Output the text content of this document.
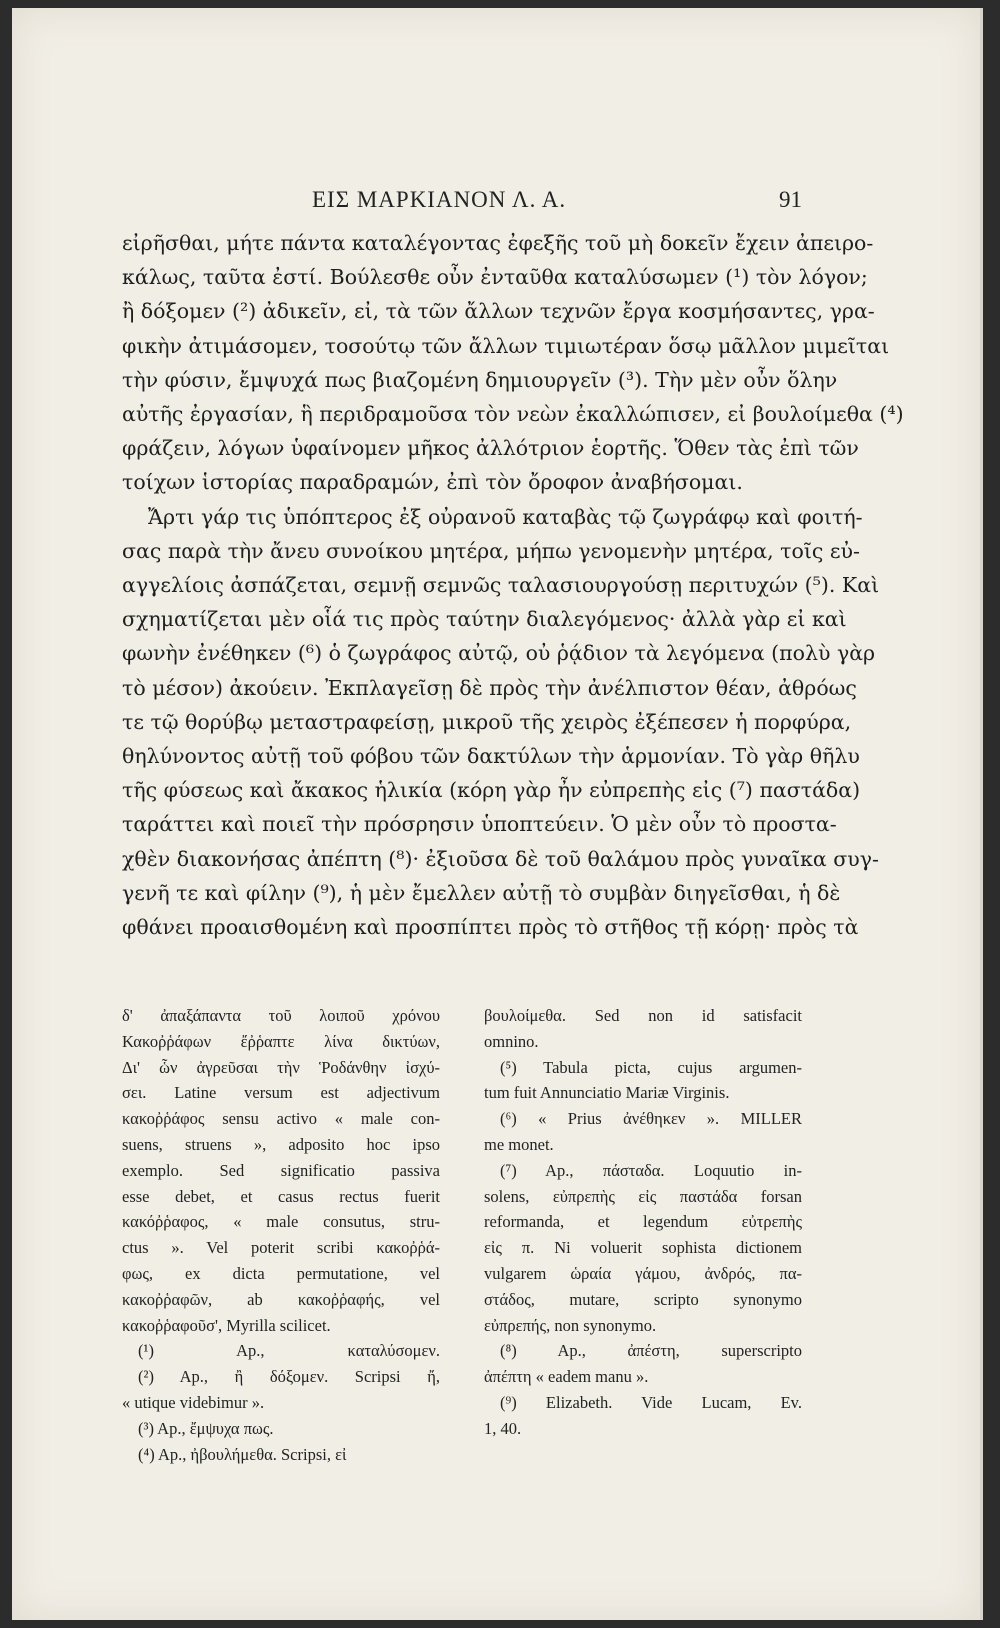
ΕΙΣ ΜΑΡΚΙΑΝΟΝ Λ. Α.	91
εἰρῆσθαι, μήτε πάντα καταλέγοντας ἐφεξῆς τοῦ μὴ δοκεῖν ἔχειν ἀπειρο-
κάλως, ταῦτα ἐστί. Βούλεσθε οὖν ἐνταῦθα καταλύσωμεν (¹) τὸν λόγον;
ἢ δόξομεν (²) ἀδικεῖν, εἰ, τὰ τῶν ἄλλων τεχνῶν ἔργα κοσμήσαντες, γρα-
φικὴν ἀτιμάσομεν, τοσούτῳ τῶν ἄλλων τιμιωτέραν ὅσῳ μᾶλλον μιμεῖται
τὴν φύσιν, ἔμψυχά πως βιαζομένη δημιουργεῖν (³). Τὴν μὲν οὖν ὅλην
αὐτῆς ἐργασίαν, ἣ περιδραμοῦσα τὸν νεὼν ἐκαλλώπισεν, εἰ βουλοίμεθα (⁴)
φράζειν, λόγων ὑφαίνομεν μῆκος ἀλλότριον ἑορτῆς. Ὅθεν τὰς ἐπὶ τῶν
τοίχων ἱστορίας παραδραμών, ἐπὶ τὸν ὄροφον ἀναβήσομαι.
Ἄρτι γάρ τις ὑπόπτερος ἐξ οὐρανοῦ καταβὰς τῷ ζωγράφῳ καὶ φοιτή-
σας παρὰ τὴν ἄνευ συνοίκου μητέρα, μήπω γενομενὴν μητέρα, τοῖς εὐ-
αγγελίοις ἀσπάζεται, σεμνῇ σεμνῶς ταλασιουργούσῃ περιτυχών (⁵). Καὶ
σχηματίζεται μὲν οἷά τις πρὸς ταύτην διαλεγόμενος· ἀλλὰ γὰρ εἰ καὶ
φωνὴν ἐνέθηκεν (⁶) ὁ ζωγράφος αὐτῷ, οὐ ῥᾴδιον τὰ λεγόμενα (πολὺ γὰρ
τὸ μέσον) ἀκούειν. Ἐκπλαγεῖσῃ δὲ πρὸς τὴν ἀνέλπιστον θέαν, ἀθρόως
τε τῷ θορύβῳ μεταστραφείσῃ, μικροῦ τῆς χειρὸς ἐξέπεσεν ἡ πορφύρα,
θηλύνοντος αὐτῇ τοῦ φόβου τῶν δακτύλων τὴν ἁρμονίαν. Τὸ γὰρ θῆλυ
τῆς φύσεως καὶ ἄκακος ἡλικία (κόρη γὰρ ἦν εὐπρεπὴς εἰς (⁷) παστάδα)
ταράττει καὶ ποιεῖ τὴν πρόσρησιν ὑποπτεύειν. Ὁ μὲν οὖν τὸ προστα-
χθὲν διακονήσας ἀπέπτη (⁸)· ἐξιοῦσα δὲ τοῦ θαλάμου πρὸς γυναῖκα συγ-
γενῆ τε καὶ φίλην (⁹), ἡ μὲν ἔμελλεν αὐτῇ τὸ συμβὰν διηγεῖσθαι, ἡ δὲ
φθάνει προαισθομένη καὶ προσπίπτει πρὸς τὸ στῆθος τῇ κόρῃ· πρὸς τὰ
δ' ἀπαξάπαντα τοῦ λοιποῦ χρόνου
Κακοῤῥάφων ἔῤῥαπτε λίνα δικτύων,
Δι' ὧν ἀγρεῦσαι τὴν Ῥοδάνθην ἰσχύ-
σει. Latine versum est adjectivum
κακοῤῥάφος sensu activo « male con-
suens, struens », adposito hoc ipso
exemplo. Sed significatio passiva
esse debet, et casus rectus fuerit
κακόῤῥαφος, « male consutus, stru-
ctus ». Vel poterit scribi κακοῤῥά-
φως, ex dicta permutatione, vel
κακοῤῥαφῶν, ab κακοῤῥαφής, vel
κακοῤῥαφοῦσ', Myrilla scilicet.
(¹) Ap., καταλύσομεν.
(²) Ap., ἢ δόξομεν. Scripsi ἤ,
« utique videbimur ».
(³) Ap., ἔμψυχα πως.
(⁴) Ap., ἠβουλήμεθα. Scripsi, εἰ
βουλοίμεθα. Sed non id satisfacit
omnino.
(⁵) Tabula picta, cujus argumen-
tum fuit Annunciatio Mariæ Virginis.
(⁶) « Prius ἀνέθηκεν ». MILLER
me monet.
(⁷) Ap., πάσταδα. Loquutio in-
solens, εὐπρεπὴς εἰς παστάδα forsan
reformanda, et legendum εὐτρεπὴς
εἰς π. Ni voluerit sophista dictionem
vulgarem ὡραία γάμου, ἀνδρός, πα-
στάδος, mutare, scripto synonymo
εὐπρεπής, non synonymo.
(⁸) Ap., ἀπέστη, superscripto
ἀπέπτη « eadem manu ».
(⁹) Elizabeth. Vide Lucam, Ev.
1, 40.
